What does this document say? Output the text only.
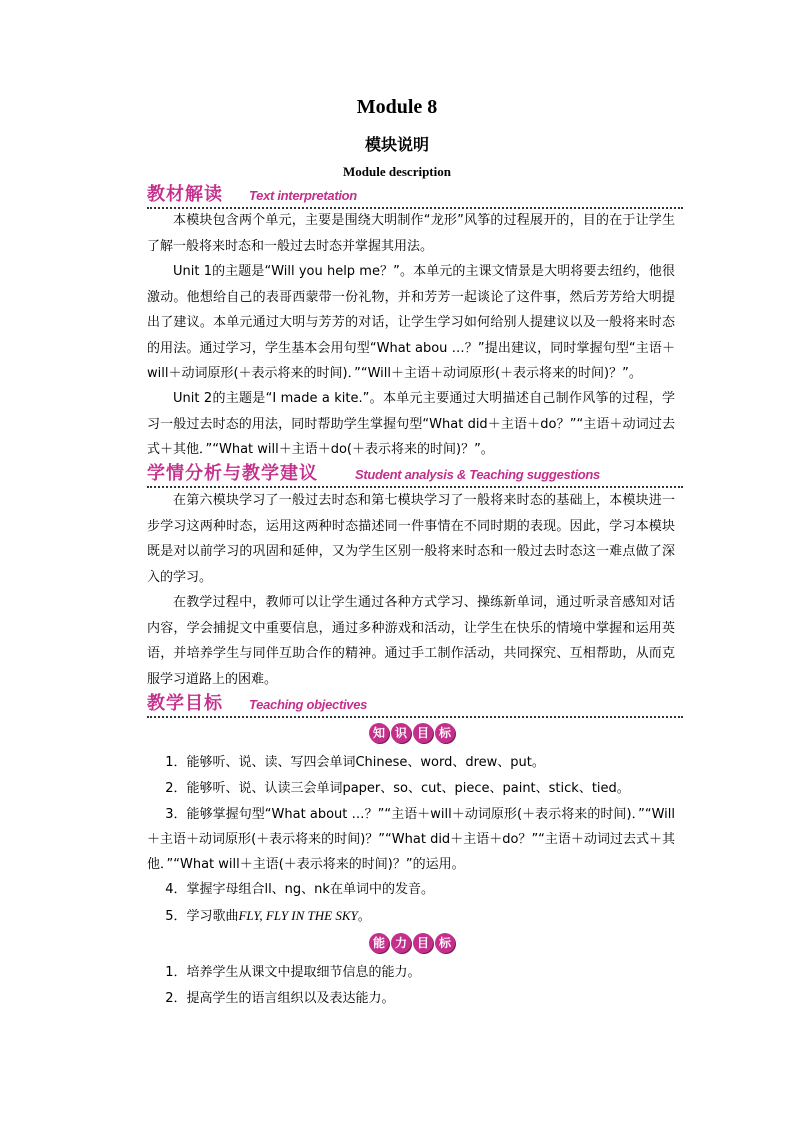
Module 8
模块说明
Module description
教材解读 Text interpretation

本模块包含两个单元，主要是围绕大明制作“龙形”风筝的过程展开的，目的在于让学生了解一般将来时态和一般过去时态并掌握其用法。

Unit 1的主题是“Will you help me？”。本单元的主课文情景是大明将要去纽约，他很激动。他想给自己的表哥西蒙带一份礼物，并和芳芳一起谈论了这件事，然后芳芳给大明提出了建议。本单元通过大明与芳芳的对话，让学生学习如何给别人提建议以及一般将来时态的用法。通过学习，学生基本会用句型“What abou …？”提出建议，同时掌握句型“主语＋will＋动词原形(＋表示将来的时间)．”“Will＋主语＋动词原形(＋表示将来的时间)？”。

Unit 2的主题是“I made a kite.”。本单元主要通过大明描述自己制作风筝的过程，学习一般过去时态的用法，同时帮助学生掌握句型“What did＋主语＋do？”“主语＋动词过去式＋其他．”“What will＋主语＋do(＋表示将来的时间)？”。

学情分析与教学建议	Student analysis & Teaching suggestions

在第六模块学习了一般过去时态和第七模块学习了一般将来时态的基础上，本模块进一步学习这两种时态，运用这两种时态描述同一件事情在不同时期的表现。因此，学习本模块既是对以前学习的巩固和延伸，又为学生区别一般将来时态和一般过去时态这一难点做了深入的学习。

在教学过程中，教师可以让学生通过各种方式学习、操练新单词，通过听录音感知对话内容，学会捕捉文中重要信息，通过多种游戏和活动，让学生在快乐的情境中掌握和运用英语，并培养学生与同伴互助合作的精神。通过手工制作活动，共同探究、互相帮助，从而克服学习道路上的困难。

教学目标 Teaching objectives
知 识 目 标

1．能够听、说、读、写四会单词Chinese、word、drew、put。

2．能够听、说、认读三会单词paper、so、cut、piece、paint、stick、tied。

3．能够掌握句型“What about …？”“主语＋will＋动词原形(＋表示将来的时间)．”“Will＋主语＋动词原形(＋表示将来的时间)？”“What did＋主语＋do？”“主语＋动词过去式＋其他．”“What will＋主语(＋表示将来的时间)？”的运用。

4．掌握字母组合ll、ng、nk在单词中的发音。

5．学习歌曲FLY, FLY IN THE SKY。

能 力 目 标

1．培养学生从课文中提取细节信息的能力。

2．提高学生的语言组织以及表达能力。
